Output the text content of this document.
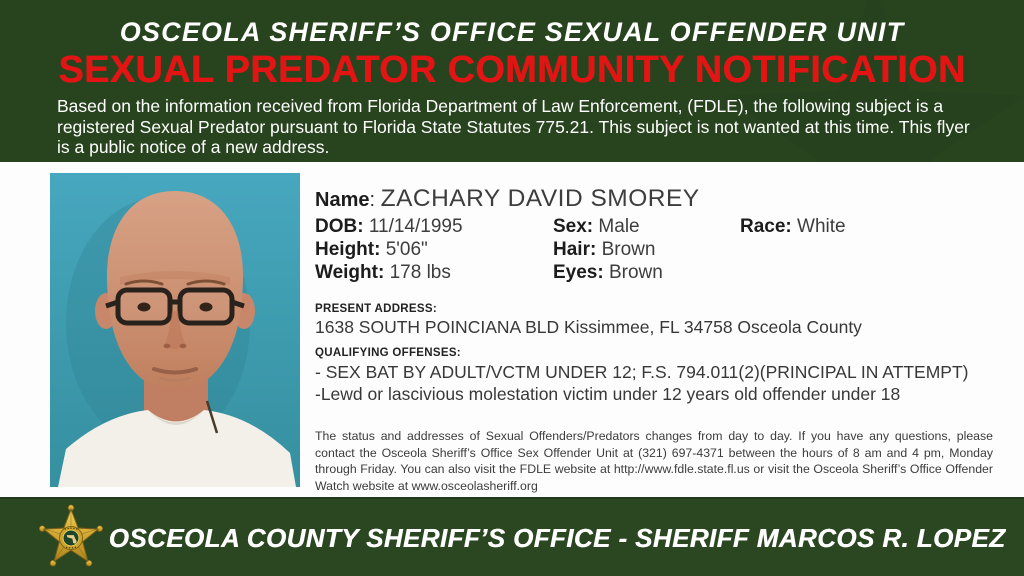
OSCEOLA SHERIFF’S OFFICE SEXUAL OFFENDER UNIT
SEXUAL PREDATOR COMMUNITY NOTIFICATION
Based on the information received from Florida Department of Law Enforcement, (FDLE), the following subject is a registered Sexual Predator pursuant to Florida State Statutes 775.21. This subject is not wanted at this time. This flyer is a public notice of a new address.
Name: ZACHARY DAVID SMOREY
DOB: 11/14/1995
Height: 5'06"
Weight: 178 lbs
Sex: Male
Hair: Brown
Eyes: Brown
Race: White
PRESENT ADDRESS:
1638 SOUTH POINCIANA BLD Kissimmee, FL 34758 Osceola County
QUALIFYING OFFENSES:
- SEX BAT BY ADULT/VCTM UNDER 12; F.S. 794.011(2)(PRINCIPAL IN ATTEMPT)
-Lewd or lascivious molestation victim under 12 years old offender under 18
The status and addresses of Sexual Offenders/Predators changes from day to day. If you have any questions, please contact the Osceola Sheriff’s Office Sex Offender Unit at (321) 697-4371 between the hours of 8 am and 4 pm, Monday through Friday. You can also visit the FDLE website at http://www.fdle.state.fl.us or visit the Osceola Sheriff’s Office Offender Watch website at www.osceolasheriff.org
OSCEOLA COUNTY SHERIFF’S OFFICE - SHERIFF MARCOS R. LOPEZ
